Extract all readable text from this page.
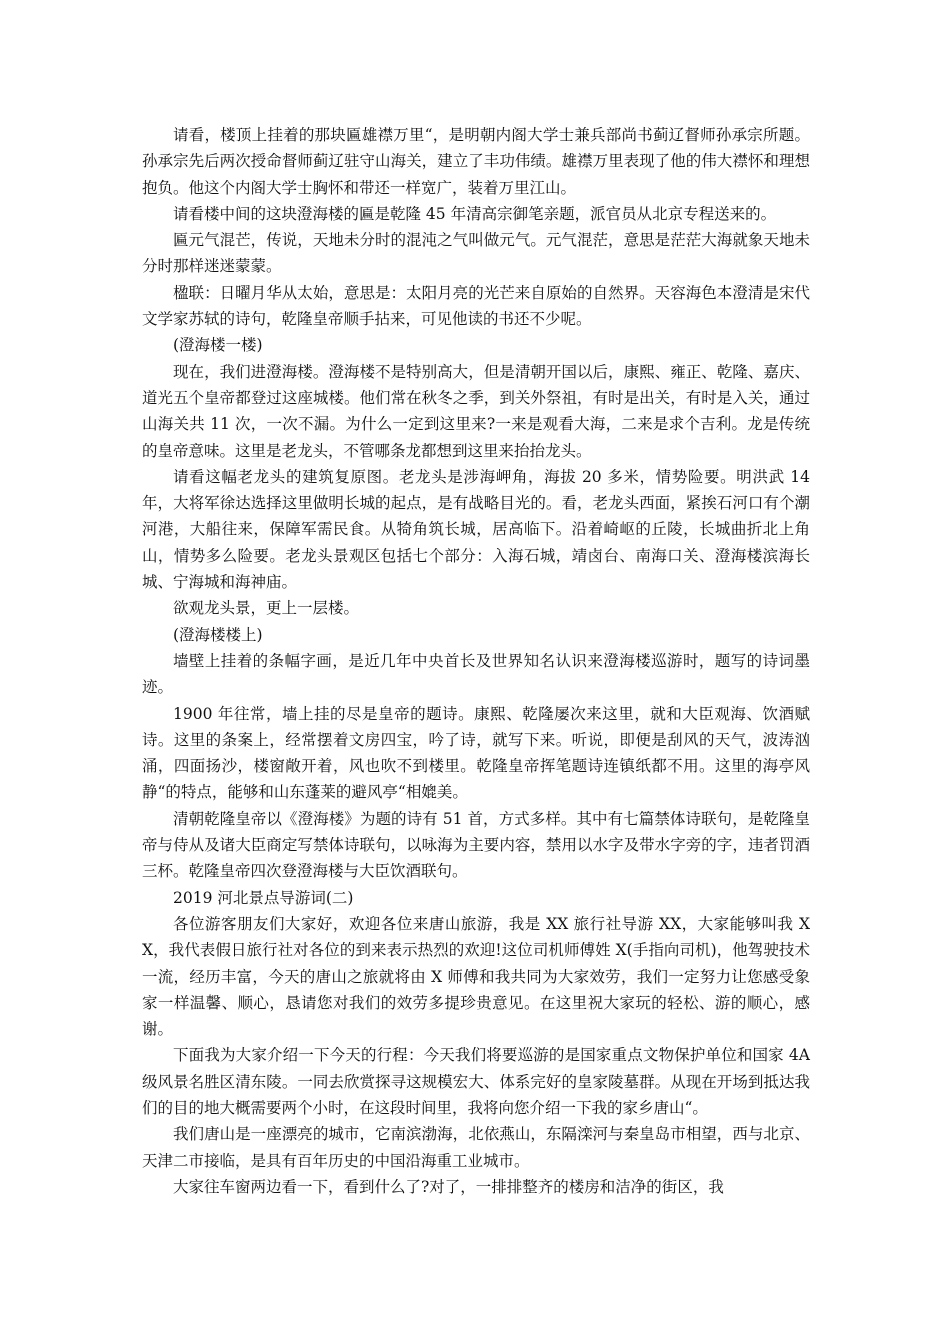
请看，楼顶上挂着的那块匾雄襟万里“，是明朝内阁大学士兼兵部尚书蓟辽督师孙承宗所题。孙承宗先后两次授命督师蓟辽驻守山海关，建立了丰功伟绩。雄襟万里表现了他的伟大襟怀和理想抱负。他这个内阁大学士胸怀和带还一样宽广，装着万里江山。

请看楼中间的这块澄海楼的匾是乾隆 45 年清高宗御笔亲题，派官员从北京专程送来的。

匾元气混芒，传说，天地未分时的混沌之气叫做元气。元气混茫，意思是茫茫大海就象天地未分时那样迷迷蒙蒙。

楹联：日曜月华从太始，意思是：太阳月亮的光芒来自原始的自然界。天容海色本澄清是宋代文学家苏轼的诗句，乾隆皇帝顺手拈来，可见他读的书还不少呢。

(澄海楼一楼)

现在，我们进澄海楼。澄海楼不是特别高大，但是清朝开国以后，康熙、雍正、乾隆、嘉庆、道光五个皇帝都登过这座城楼。他们常在秋冬之季，到关外祭祖，有时是出关，有时是入关，通过山海关共 11 次，一次不漏。为什么一定到这里来?一来是观看大海，二来是求个吉利。龙是传统的皇帝意味。这里是老龙头，不管哪条龙都想到这里来抬抬龙头。

请看这幅老龙头的建筑复原图。老龙头是涉海岬角，海拔 20 多米，情势险要。明洪武 14 年，大将军徐达选择这里做明长城的起点，是有战略目光的。看，老龙头西面，紧挨石河口有个潮河港，大船往来，保障军需民食。从犄角筑长城，居高临下。沿着崎岖的丘陵，长城曲折北上角山，情势多么险要。老龙头景观区包括七个部分：入海石城，靖卤台、南海口关、澄海楼滨海长城、宁海城和海神庙。

欲观龙头景，更上一层楼。

(澄海楼楼上)

墙壁上挂着的条幅字画，是近几年中央首长及世界知名认识来澄海楼巡游时，题写的诗词墨迹。

1900 年往常，墙上挂的尽是皇帝的题诗。康熙、乾隆屡次来这里，就和大臣观海、饮酒赋诗。这里的条案上，经常摆着文房四宝，吟了诗，就写下来。听说，即便是刮风的天气，波涛汹涌，四面扬沙，楼窗敞开着，风也吹不到楼里。乾隆皇帝挥笔题诗连镇纸都不用。这里的海亭风静“的特点，能够和山东蓬莱的避风亭“相媲美。

清朝乾隆皇帝以《澄海楼》为题的诗有 51 首，方式多样。其中有七篇禁体诗联句，是乾隆皇帝与侍从及诸大臣商定写禁体诗联句，以咏海为主要内容，禁用以水字及带水字旁的字，违者罚酒三杯。乾隆皇帝四次登澄海楼与大臣饮酒联句。

2019 河北景点导游词(二)

各位游客朋友们大家好，欢迎各位来唐山旅游，我是 XX 旅行社导游 XX，大家能够叫我 XX，我代表假日旅行社对各位的到来表示热烈的欢迎!这位司机师傅姓 X(手指向司机)，他驾驶技术一流，经历丰富，今天的唐山之旅就将由 X 师傅和我共同为大家效劳，我们一定努力让您感受象家一样温馨、顺心，恳请您对我们的效劳多提珍贵意见。在这里祝大家玩的轻松、游的顺心，感谢。

下面我为大家介绍一下今天的行程：今天我们将要巡游的是国家重点文物保护单位和国家 4A 级风景名胜区清东陵。一同去欣赏探寻这规模宏大、体系完好的皇家陵墓群。从现在开场到抵达我们的目的地大概需要两个小时，在这段时间里，我将向您介绍一下我的家乡唐山“。

我们唐山是一座漂亮的城市，它南滨渤海，北依燕山，东隔滦河与秦皇岛市相望，西与北京、天津二市接临，是具有百年历史的中国沿海重工业城市。

大家往车窗两边看一下，看到什么了?对了，一排排整齐的楼房和洁净的街区，我
